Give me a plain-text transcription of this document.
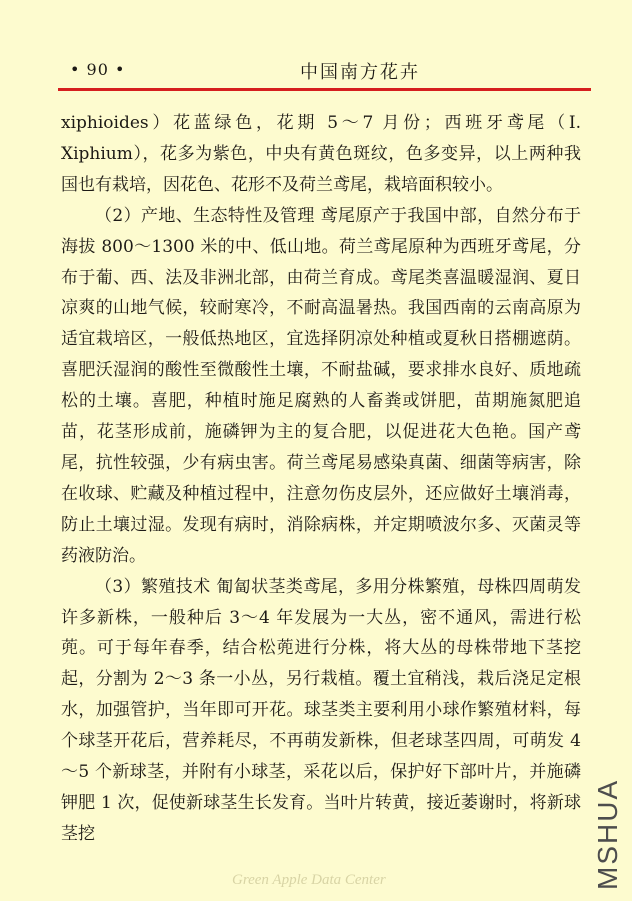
• 90 •	中国南方花卉

xiphioides）花蓝绿色，花期 5～7 月份；西班牙鸢尾（I. Xiphium），花多为紫色，中央有黄色斑纹，色多变异，以上两种我国也有栽培，因花色、花形不及荷兰鸢尾，栽培面积较小。

（2）产地、生态特性及管理 鸢尾原产于我国中部，自然分布于海拔 800～1300 米的中、低山地。荷兰鸢尾原种为西班牙鸢尾，分布于葡、西、法及非洲北部，由荷兰育成。鸢尾类喜温暖湿润、夏日凉爽的山地气候，较耐寒冷，不耐高温暑热。我国西南的云南高原为适宜栽培区，一般低热地区，宜选择阴凉处种植或夏秋日搭棚遮荫。喜肥沃湿润的酸性至微酸性土壤，不耐盐碱，要求排水良好、质地疏松的土壤。喜肥，种植时施足腐熟的人畜粪或饼肥，苗期施氮肥追苗，花茎形成前，施磷钾为主的复合肥，以促进花大色艳。国产鸢尾，抗性较强，少有病虫害。荷兰鸢尾易感染真菌、细菌等病害，除在收球、贮藏及种植过程中，注意勿伤皮层外，还应做好土壤消毒，防止土壤过湿。发现有病时，消除病株，并定期喷波尔多、灭菌灵等药液防治。

（3）繁殖技术 匍匐状茎类鸢尾，多用分株繁殖，母株四周萌发许多新株，一般种后 3～4 年发展为一大丛，密不通风，需进行松蔸。可于每年春季，结合松蔸进行分株，将大丛的母株带地下茎挖起，分割为 2～3 条一小丛，另行栽植。覆土宜稍浅，栽后浇足定根水，加强管护，当年即可开花。球茎类主要利用小球作繁殖材料，每个球茎开花后，营养耗尽，不再萌发新株，但老球茎四周，可萌发 4～5 个新球茎，并附有小球茎，采花以后，保护好下部叶片，并施磷钾肥 1 次，促使新球茎生长发育。当叶片转黄，接近萎谢时，将新球茎挖

Green Apple Data Center	MSHUA
